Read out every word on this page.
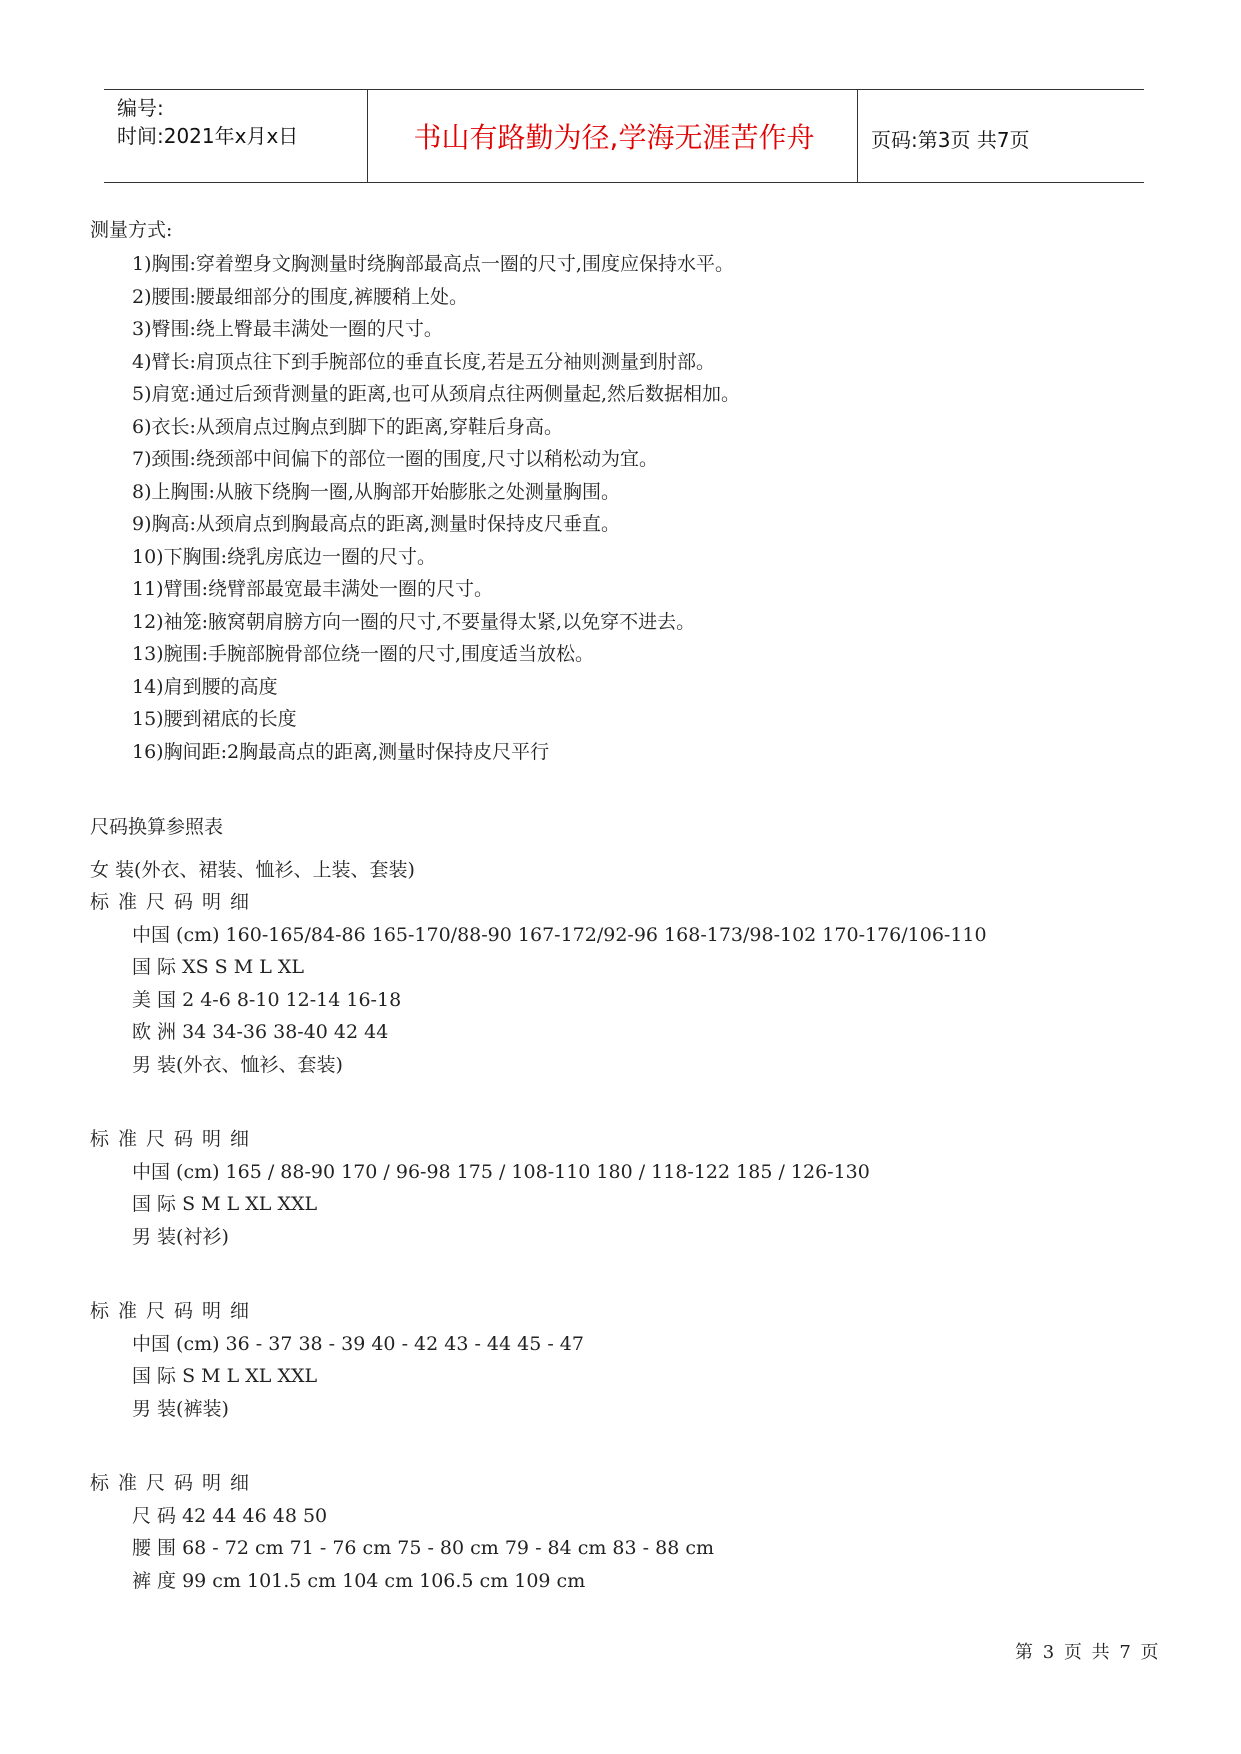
编号:
时间:2021年x月x日	书山有路勤为径,学海无涯苦作舟	页码:第3页 共7页
测量方式:
1)胸围:穿着塑身文胸测量时绕胸部最高点一圈的尺寸,围度应保持水平。
2)腰围:腰最细部分的围度,裤腰稍上处。
3)臀围:绕上臀最丰满处一圈的尺寸。
4)臂长:肩顶点往下到手腕部位的垂直长度,若是五分袖则测量到肘部。
5)肩宽:通过后颈背测量的距离,也可从颈肩点往两侧量起,然后数据相加。
6)衣长:从颈肩点过胸点到脚下的距离,穿鞋后身高。
7)颈围:绕颈部中间偏下的部位一圈的围度,尺寸以稍松动为宜。
8)上胸围:从腋下绕胸一圈,从胸部开始膨胀之处测量胸围。
9)胸高:从颈肩点到胸最高点的距离,测量时保持皮尺垂直。
10)下胸围:绕乳房底边一圈的尺寸。
11)臂围:绕臂部最宽最丰满处一圈的尺寸。
12)袖笼:腋窝朝肩膀方向一圈的尺寸,不要量得太紧,以免穿不进去。
13)腕围:手腕部腕骨部位绕一圈的尺寸,围度适当放松。
14)肩到腰的高度
15)腰到裙底的长度
16)胸间距:2胸最高点的距离,测量时保持皮尺平行
尺码换算参照表
女 装(外衣、裙装、恤衫、上装、套装)
标准尺码明细
中国 (cm) 160-165/84-86 165-170/88-90 167-172/92-96 168-173/98-102 170-176/106-110
国 际 XS S M L XL
美 国 2 4-6 8-10 12-14 16-18
欧 洲 34 34-36 38-40 42 44
男 装(外衣、恤衫、套装)
标准尺码明细
中国 (cm) 165 / 88-90 170 / 96-98 175 / 108-110 180 / 118-122 185 / 126-130
国 际 S M L XL XXL
男 装(衬衫)
标准尺码明细
中国 (cm) 36 - 37 38 - 39 40 - 42 43 - 44 45 - 47
国 际 S M L XL XXL
男 装(裤装)
标准尺码明细
尺 码 42 44 46 48 50
腰 围 68 - 72 cm 71 - 76 cm 75 - 80 cm 79 - 84 cm 83 - 88 cm
裤 度 99 cm 101.5 cm 104 cm 106.5 cm 109 cm
第 3 页 共 7 页
